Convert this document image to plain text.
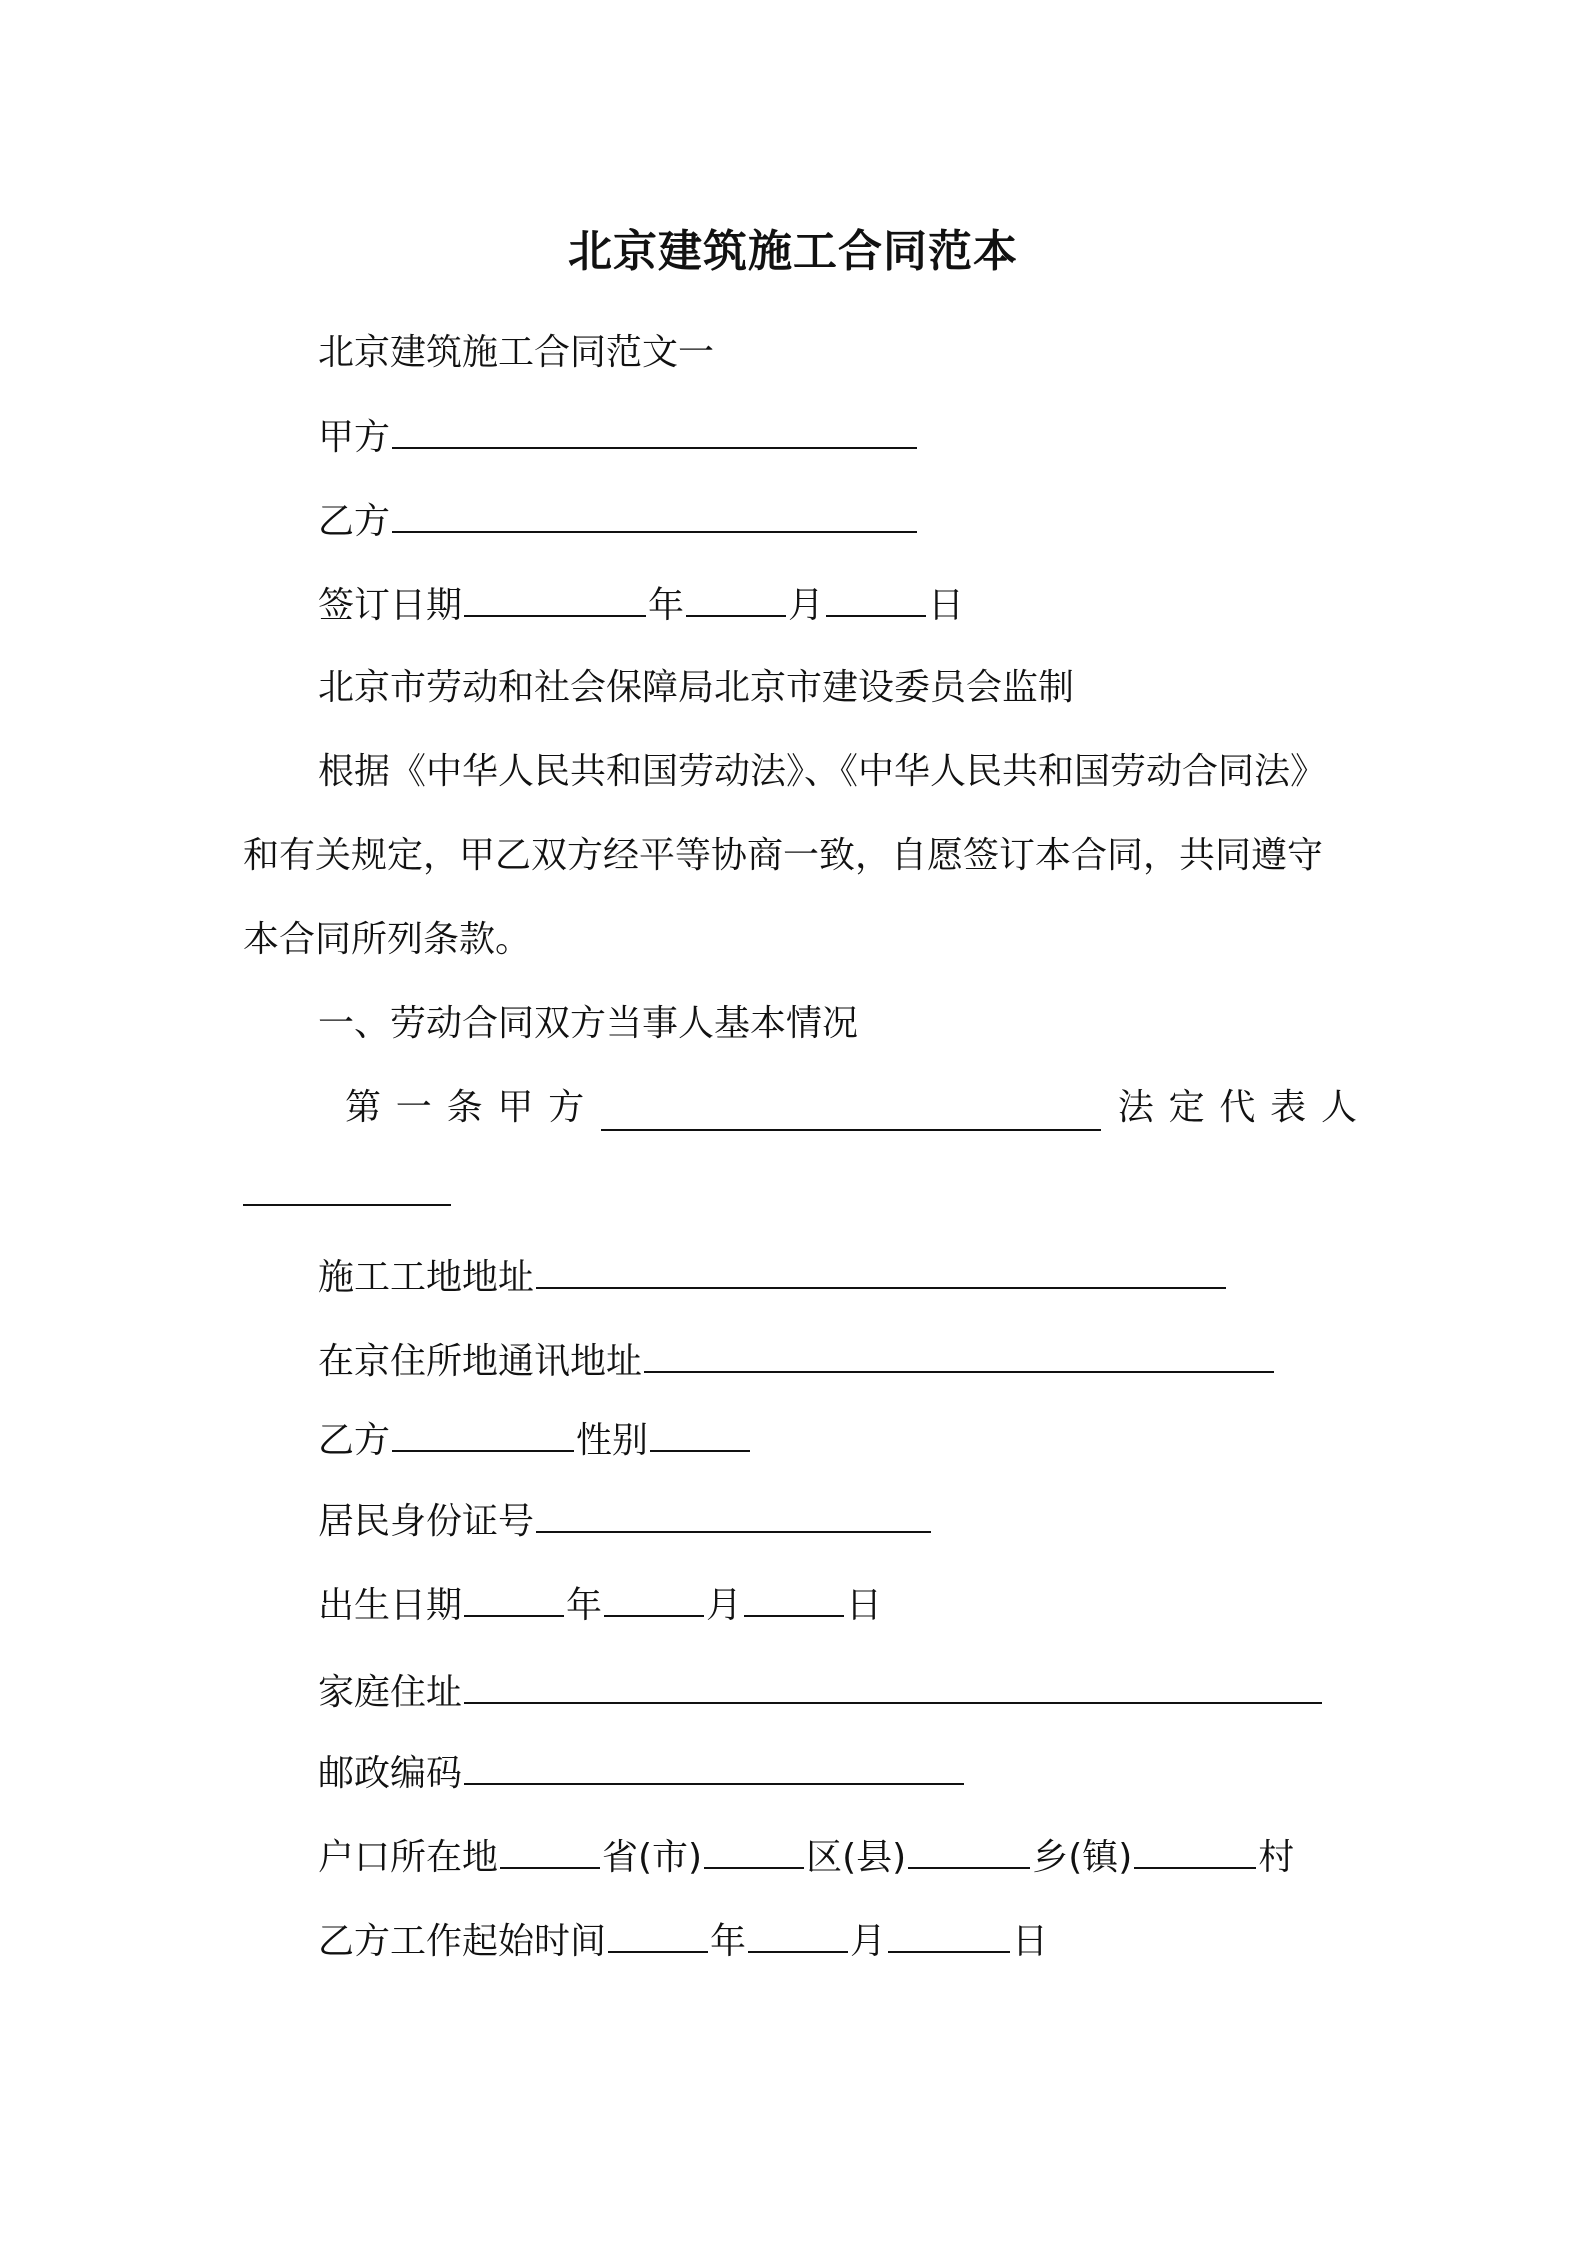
北京建筑施工合同范本
北京建筑施工合同范文一
甲方
乙方
签订日期	年	月	日
北京市劳动和社会保障局北京市建设委员会监制
根据《中华人民共和国劳动法》、《中华人民共和国劳动合同法》
和有关规定，甲乙双方经平等协商一致，自愿签订本合同，共同遵守
本合同所列条款。
一、劳动合同双方当事人基本情况
第 一 条 甲 方	法 定 代 表 人
施工工地地址
在京住所地通讯地址
乙方	性别
居民身份证号
出生日期	年	月	日
家庭住址
邮政编码
户口所在地	省(市)	区(县)	乡(镇)	村
乙方工作起始时间	年	月	日
